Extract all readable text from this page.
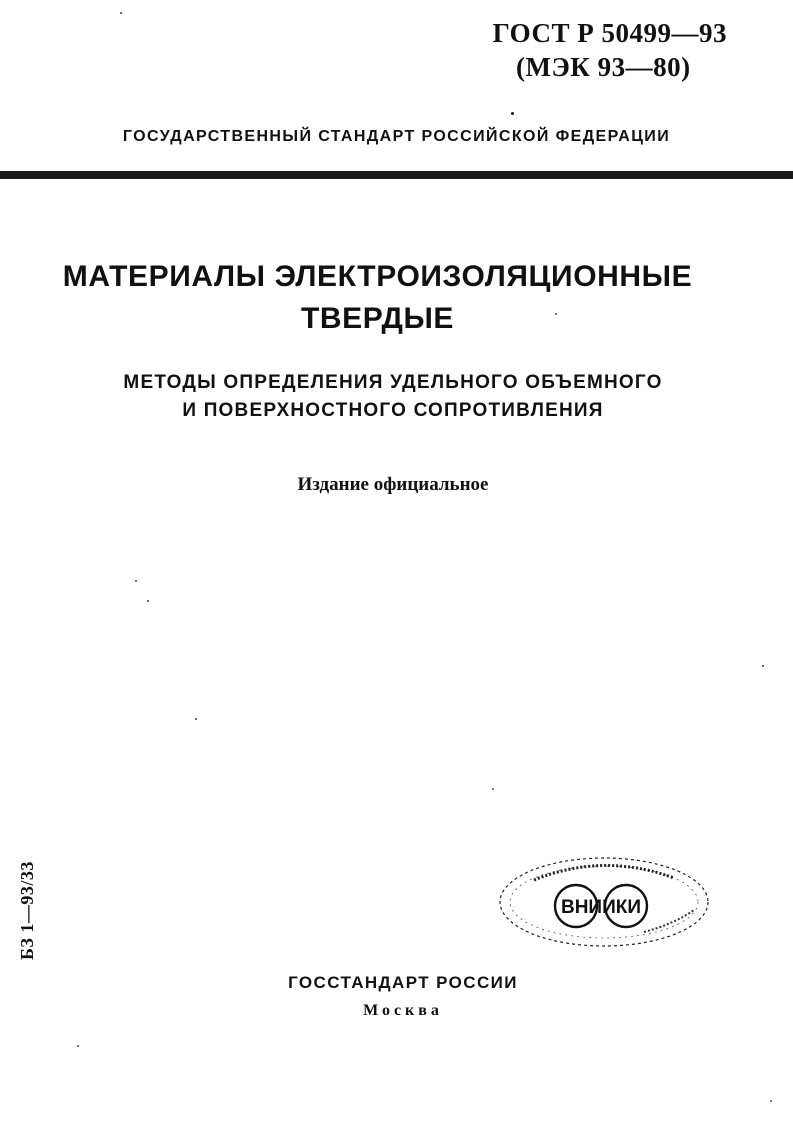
ГОСТ Р 50499—93
(МЭК 93—80)
ГОСУДАРСТВЕННЫЙ СТАНДАРТ РОССИЙСКОЙ ФЕДЕРАЦИИ
МАТЕРИАЛЫ ЭЛЕКТРОИЗОЛЯЦИОННЫЕ
ТВЕРДЫЕ
МЕТОДЫ ОПРЕДЕЛЕНИЯ УДЕЛЬНОГО ОБЪЕМНОГО
И ПОВЕРХНОСТНОГО СОПРОТИВЛЕНИЯ
Издание официальное
БЗ 1—93/33	ВНИИКИ
ГОССТАНДАРТ РОССИИ
Москва
